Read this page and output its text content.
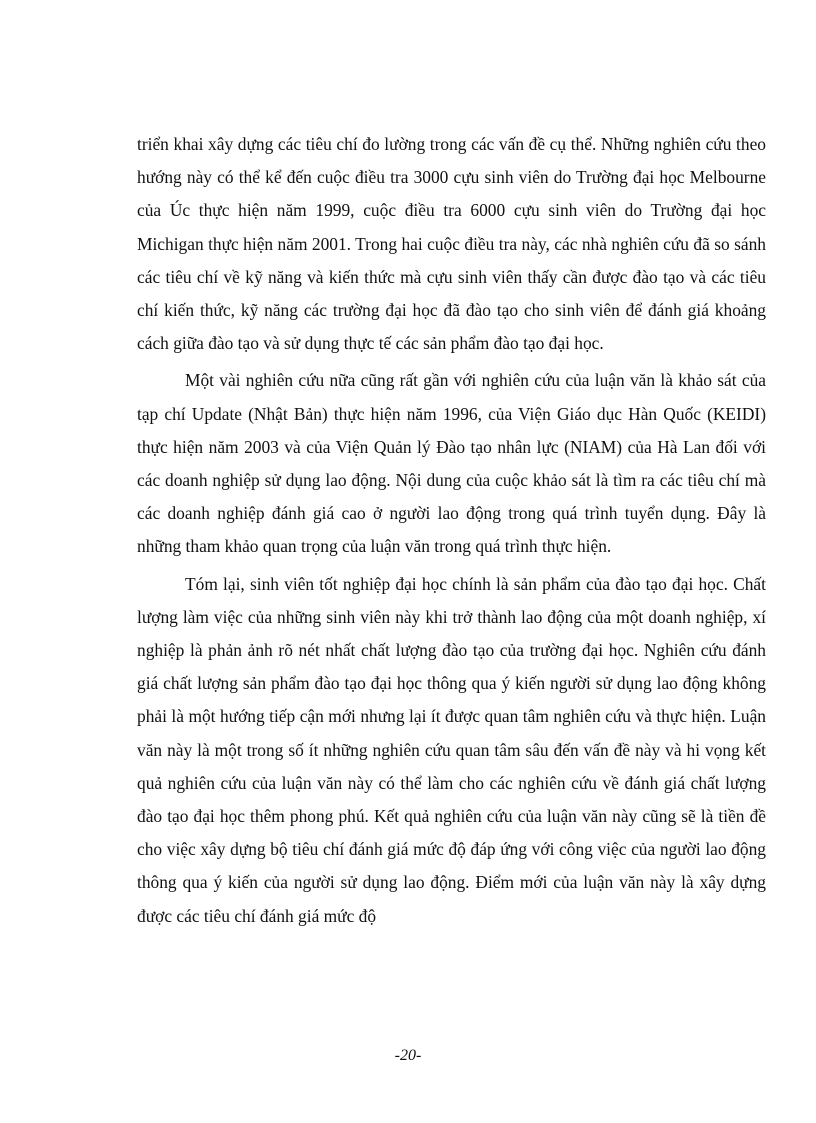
triển khai xây dựng các tiêu chí đo lường trong các vấn đề cụ thể. Những nghiên cứu theo hướng này có thể kể đến cuộc điều tra 3000 cựu sinh viên do Trường đại học Melbourne của Úc thực hiện năm 1999, cuộc điều tra 6000 cựu sinh viên do Trường đại học Michigan thực hiện năm 2001. Trong hai cuộc điều tra này, các nhà nghiên cứu đã so sánh các tiêu chí về kỹ năng và kiến thức mà cựu sinh viên thấy cần được đào tạo và các tiêu chí kiến thức, kỹ năng các trường đại học đã đào tạo cho sinh viên để đánh giá khoảng cách giữa đào tạo và sử dụng thực tế các sản phẩm đào tạo đại học.

Một vài nghiên cứu nữa cũng rất gần với nghiên cứu của luận văn là khảo sát của tạp chí Update (Nhật Bản) thực hiện năm 1996, của Viện Giáo dục Hàn Quốc (KEIDI) thực hiện năm 2003 và của Viện Quản lý Đào tạo nhân lực (NIAM) của Hà Lan đối với các doanh nghiệp sử dụng lao động. Nội dung của cuộc khảo sát là tìm ra các tiêu chí mà các doanh nghiệp đánh giá cao ở người lao động trong quá trình tuyển dụng. Đây là những tham khảo quan trọng của luận văn trong quá trình thực hiện.

Tóm lại, sinh viên tốt nghiệp đại học chính là sản phẩm của đào tạo đại học. Chất lượng làm việc của những sinh viên này khi trở thành lao động của một doanh nghiệp, xí nghiệp là phản ảnh rõ nét nhất chất lượng đào tạo của trường đại học. Nghiên cứu đánh giá chất lượng sản phẩm đào tạo đại học thông qua ý kiến người sử dụng lao động không phải là một hướng tiếp cận mới nhưng lại ít được quan tâm nghiên cứu và thực hiện. Luận văn này là một trong số ít những nghiên cứu quan tâm sâu đến vấn đề này và hi vọng kết quả nghiên cứu của luận văn này có thể làm cho các nghiên cứu về đánh giá chất lượng đào tạo đại học thêm phong phú. Kết quả nghiên cứu của luận văn này cũng sẽ là tiền đề cho việc xây dựng bộ tiêu chí đánh giá mức độ đáp ứng với công việc của người lao động thông qua ý kiến của người sử dụng lao động. Điểm mới của luận văn này là xây dựng được các tiêu chí đánh giá mức độ

-20-
